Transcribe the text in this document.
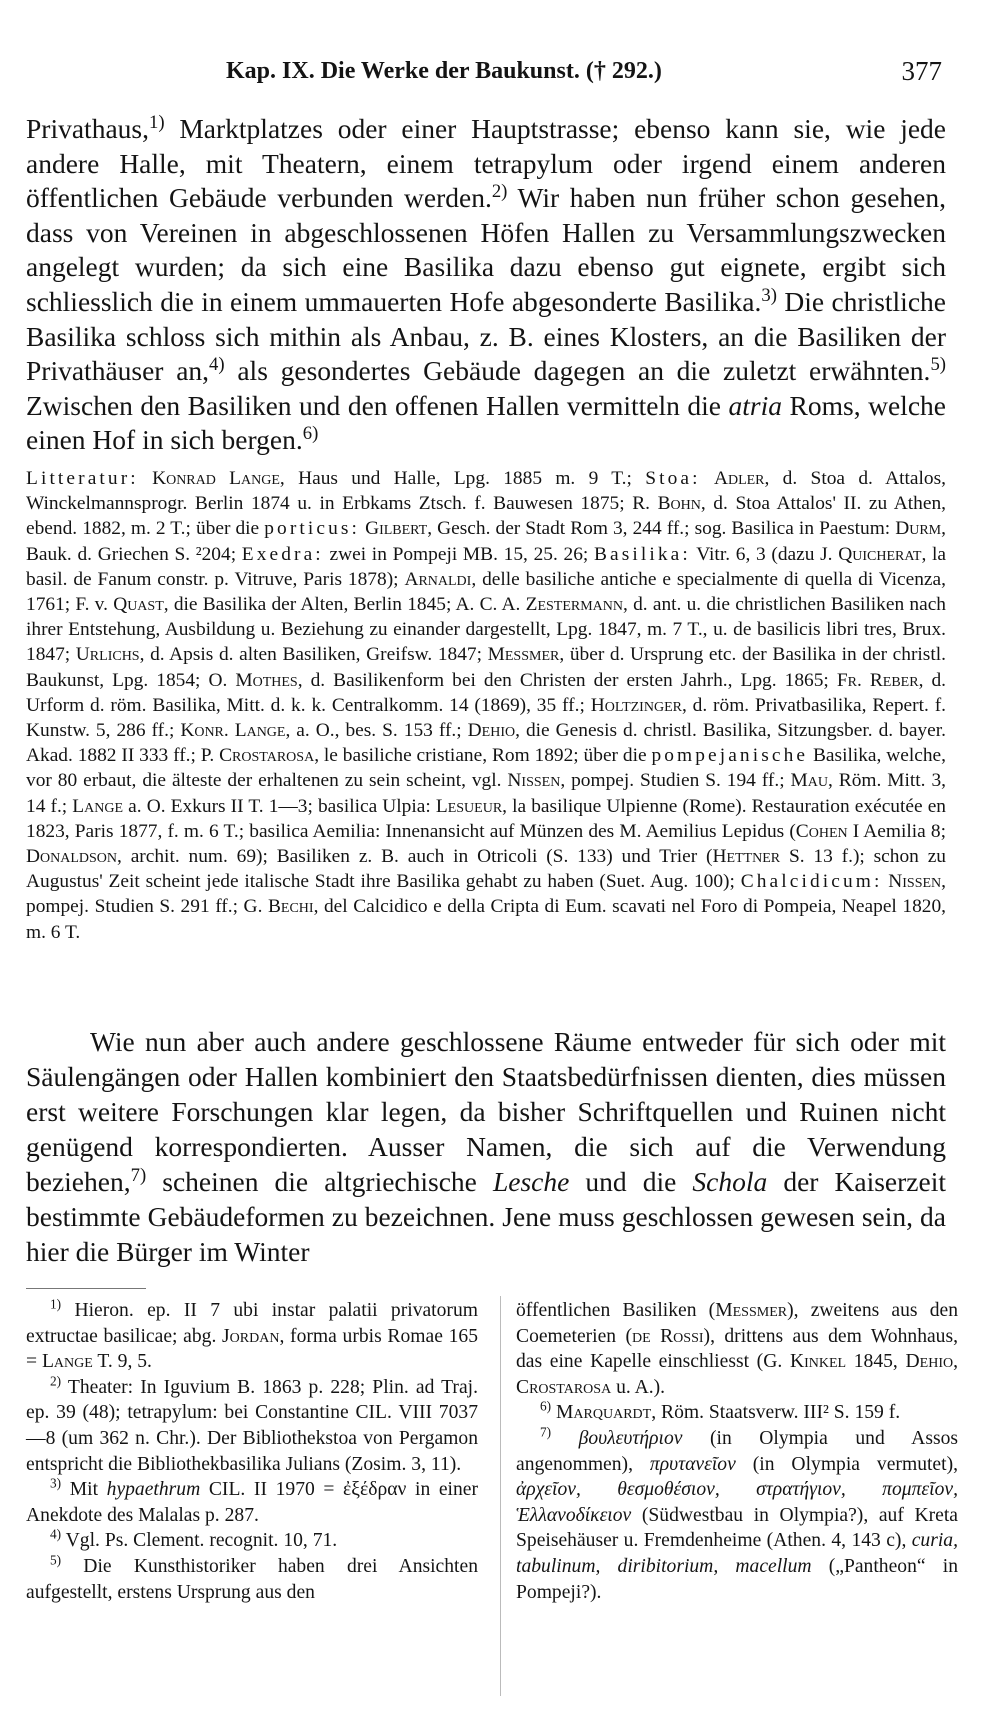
Kap. IX. Die Werke der Baukunst. († 292.)	377

Privathaus,$^{1)}$ Marktplatzes oder einer Hauptstrasse; ebenso kann sie, wie jede andere Halle, mit Theatern, einem tetrapylum oder irgend einem anderen öffentlichen Gebäude verbunden werden.$^{2)}$ Wir haben nun früher schon gesehen, dass von Vereinen in abgeschlossenen Höfen Hallen zu Versammlungszwecken angelegt wurden; da sich eine Basilika dazu ebenso gut eignete, ergibt sich schliesslich die in einem ummauerten Hofe abgesonderte Basilika.$^{3)}$ Die christliche Basilika schloss sich mithin als Anbau, z. B. eines Klosters, an die Basiliken der Privathäuser an,$^{4)}$ als gesondertes Gebäude dagegen an die zuletzt erwähnten.$^{5)}$ Zwischen den Basiliken und den offenen Hallen vermitteln die atria Roms, welche einen Hof in sich bergen.$^{6)}$

Litteratur: Konrad Lange, Haus und Halle, Lpg. 1885 m. 9 T.; Stoa: Adler, d. Stoa d. Attalos, Winckelmannsprogr. Berlin 1874 u. in Erbkams Ztsch. f. Bauwesen 1875; R. Bohn, d. Stoa Attalos' II. zu Athen, ebend. 1882, m. 2 T.; über die porticus: Gilbert, Gesch. der Stadt Rom 3, 244 ff.; sog. Basilica in Paestum: Durm, Bauk. d. Griechen S. ²204; Exedra: zwei in Pompeji MB. 15, 25. 26; Basilika: Vitr. 6, 3 (dazu J. Quicherat, la basil. de Fanum constr. p. Vitruve, Paris 1878); Arnaldi, delle basiliche antiche e specialmente di quella di Vicenza, 1761; F. v. Quast, die Basilika der Alten, Berlin 1845; A. C. A. Zestermann, d. ant. u. die christlichen Basiliken nach ihrer Entstehung, Ausbildung u. Beziehung zu einander dargestellt, Lpg. 1847, m. 7 T., u. de basilicis libri tres, Brux. 1847; Urlichs, d. Apsis d. alten Basiliken, Greifsw. 1847; Messmer, über d. Ursprung etc. der Basilika in der christl. Baukunst, Lpg. 1854; O. Mothes, d. Basilikenform bei den Christen der ersten Jahrh., Lpg. 1865; Fr. Reber, d. Urform d. röm. Basilika, Mitt. d. k. k. Centralkomm. 14 (1869), 35 ff.; Holtzinger, d. röm. Privatbasilika, Repert. f. Kunstw. 5, 286 ff.; Konr. Lange, a. O., bes. S. 153 ff.; Dehio, die Genesis d. christl. Basilika, Sitzungsber. d. bayer. Akad. 1882 II 333 ff.; P. Crostarosa, le basiliche cristiane, Rom 1892; über die pompejanische Basilika, welche, vor 80 erbaut, die älteste der erhaltenen zu sein scheint, vgl. Nissen, pompej. Studien S. 194 ff.; Mau, Röm. Mitt. 3, 14 f.; Lange a. O. Exkurs II T. 1—3; basilica Ulpia: Lesueur, la basilique Ulpienne (Rome). Restauration exécutée en 1823, Paris 1877, f. m. 6 T.; basilica Aemilia: Innenansicht auf Münzen des M. Aemilius Lepidus (Cohen I Aemilia 8; Donaldson, archit. num. 69); Basiliken z. B. auch in Otricoli (S. 133) und Trier (Hettner S. 13 f.); schon zu Augustus' Zeit scheint jede italische Stadt ihre Basilika gehabt zu haben (Suet. Aug. 100); Chalcidicum: Nissen, pompej. Studien S. 291 ff.; G. Bechi, del Calcidico e della Cripta di Eum. scavati nel Foro di Pompeia, Neapel 1820, m. 6 T.

Wie nun aber auch andere geschlossene Räume entweder für sich oder mit Säulengängen oder Hallen kombiniert den Staatsbedürfnissen dienten, dies müssen erst weitere Forschungen klar legen, da bisher Schriftquellen und Ruinen nicht genügend korrespondierten. Ausser Namen, die sich auf die Verwendung beziehen,$^{7)}$ scheinen die altgriechische Lesche und die Schola der Kaiserzeit bestimmte Gebäudeformen zu bezeichnen. Jene muss geschlossen gewesen sein, da hier die Bürger im Winter

$^{1)}$ Hieron. ep. II 7 ubi instar palatii privatorum extructae basilicae; abg. Jordan, forma urbis Romae 165 = Lange T. 9, 5.

$^{2)}$ Theater: In Iguvium B. 1863 p. 228; Plin. ad Traj. ep. 39 (48); tetrapylum: bei Constantine CIL. VIII 7037—8 (um 362 n. Chr.). Der Bibliothekstoa von Pergamon entspricht die Bibliothekbasilika Julians (Zosim. 3, 11).

$^{3)}$ Mit hypaethrum CIL. II 1970 = ἐξέδραν in einer Anekdote des Malalas p. 287.

$^{4)}$ Vgl. Ps. Clement. recognit. 10, 71.

$^{5)}$ Die Kunsthistoriker haben drei Ansichten aufgestellt, erstens Ursprung aus den

öffentlichen Basiliken (Messmer), zweitens aus den Coemeterien (de Rossi), drittens aus dem Wohnhaus, das eine Kapelle einschliesst (G. Kinkel 1845, Dehio, Crostarosa u. A.).

$^{6)}$ Marquardt, Röm. Staatsverw. III² S. 159 f.

$^{7)}$ βουλευτήριον (in Olympia und Assos angenommen), πρυτανεῖον (in Olympia vermutet), ἀρχεῖον, θεσμοθέσιον, στρατήγιον, πομπεῖον, Ἑλλανοδίκειον (Südwestbau in Olympia?), auf Kreta Speisehäuser u. Fremdenheime (Athen. 4, 143 c), curia, tabulinum, diribitorium, macellum („Pantheon“ in Pompeji?).
